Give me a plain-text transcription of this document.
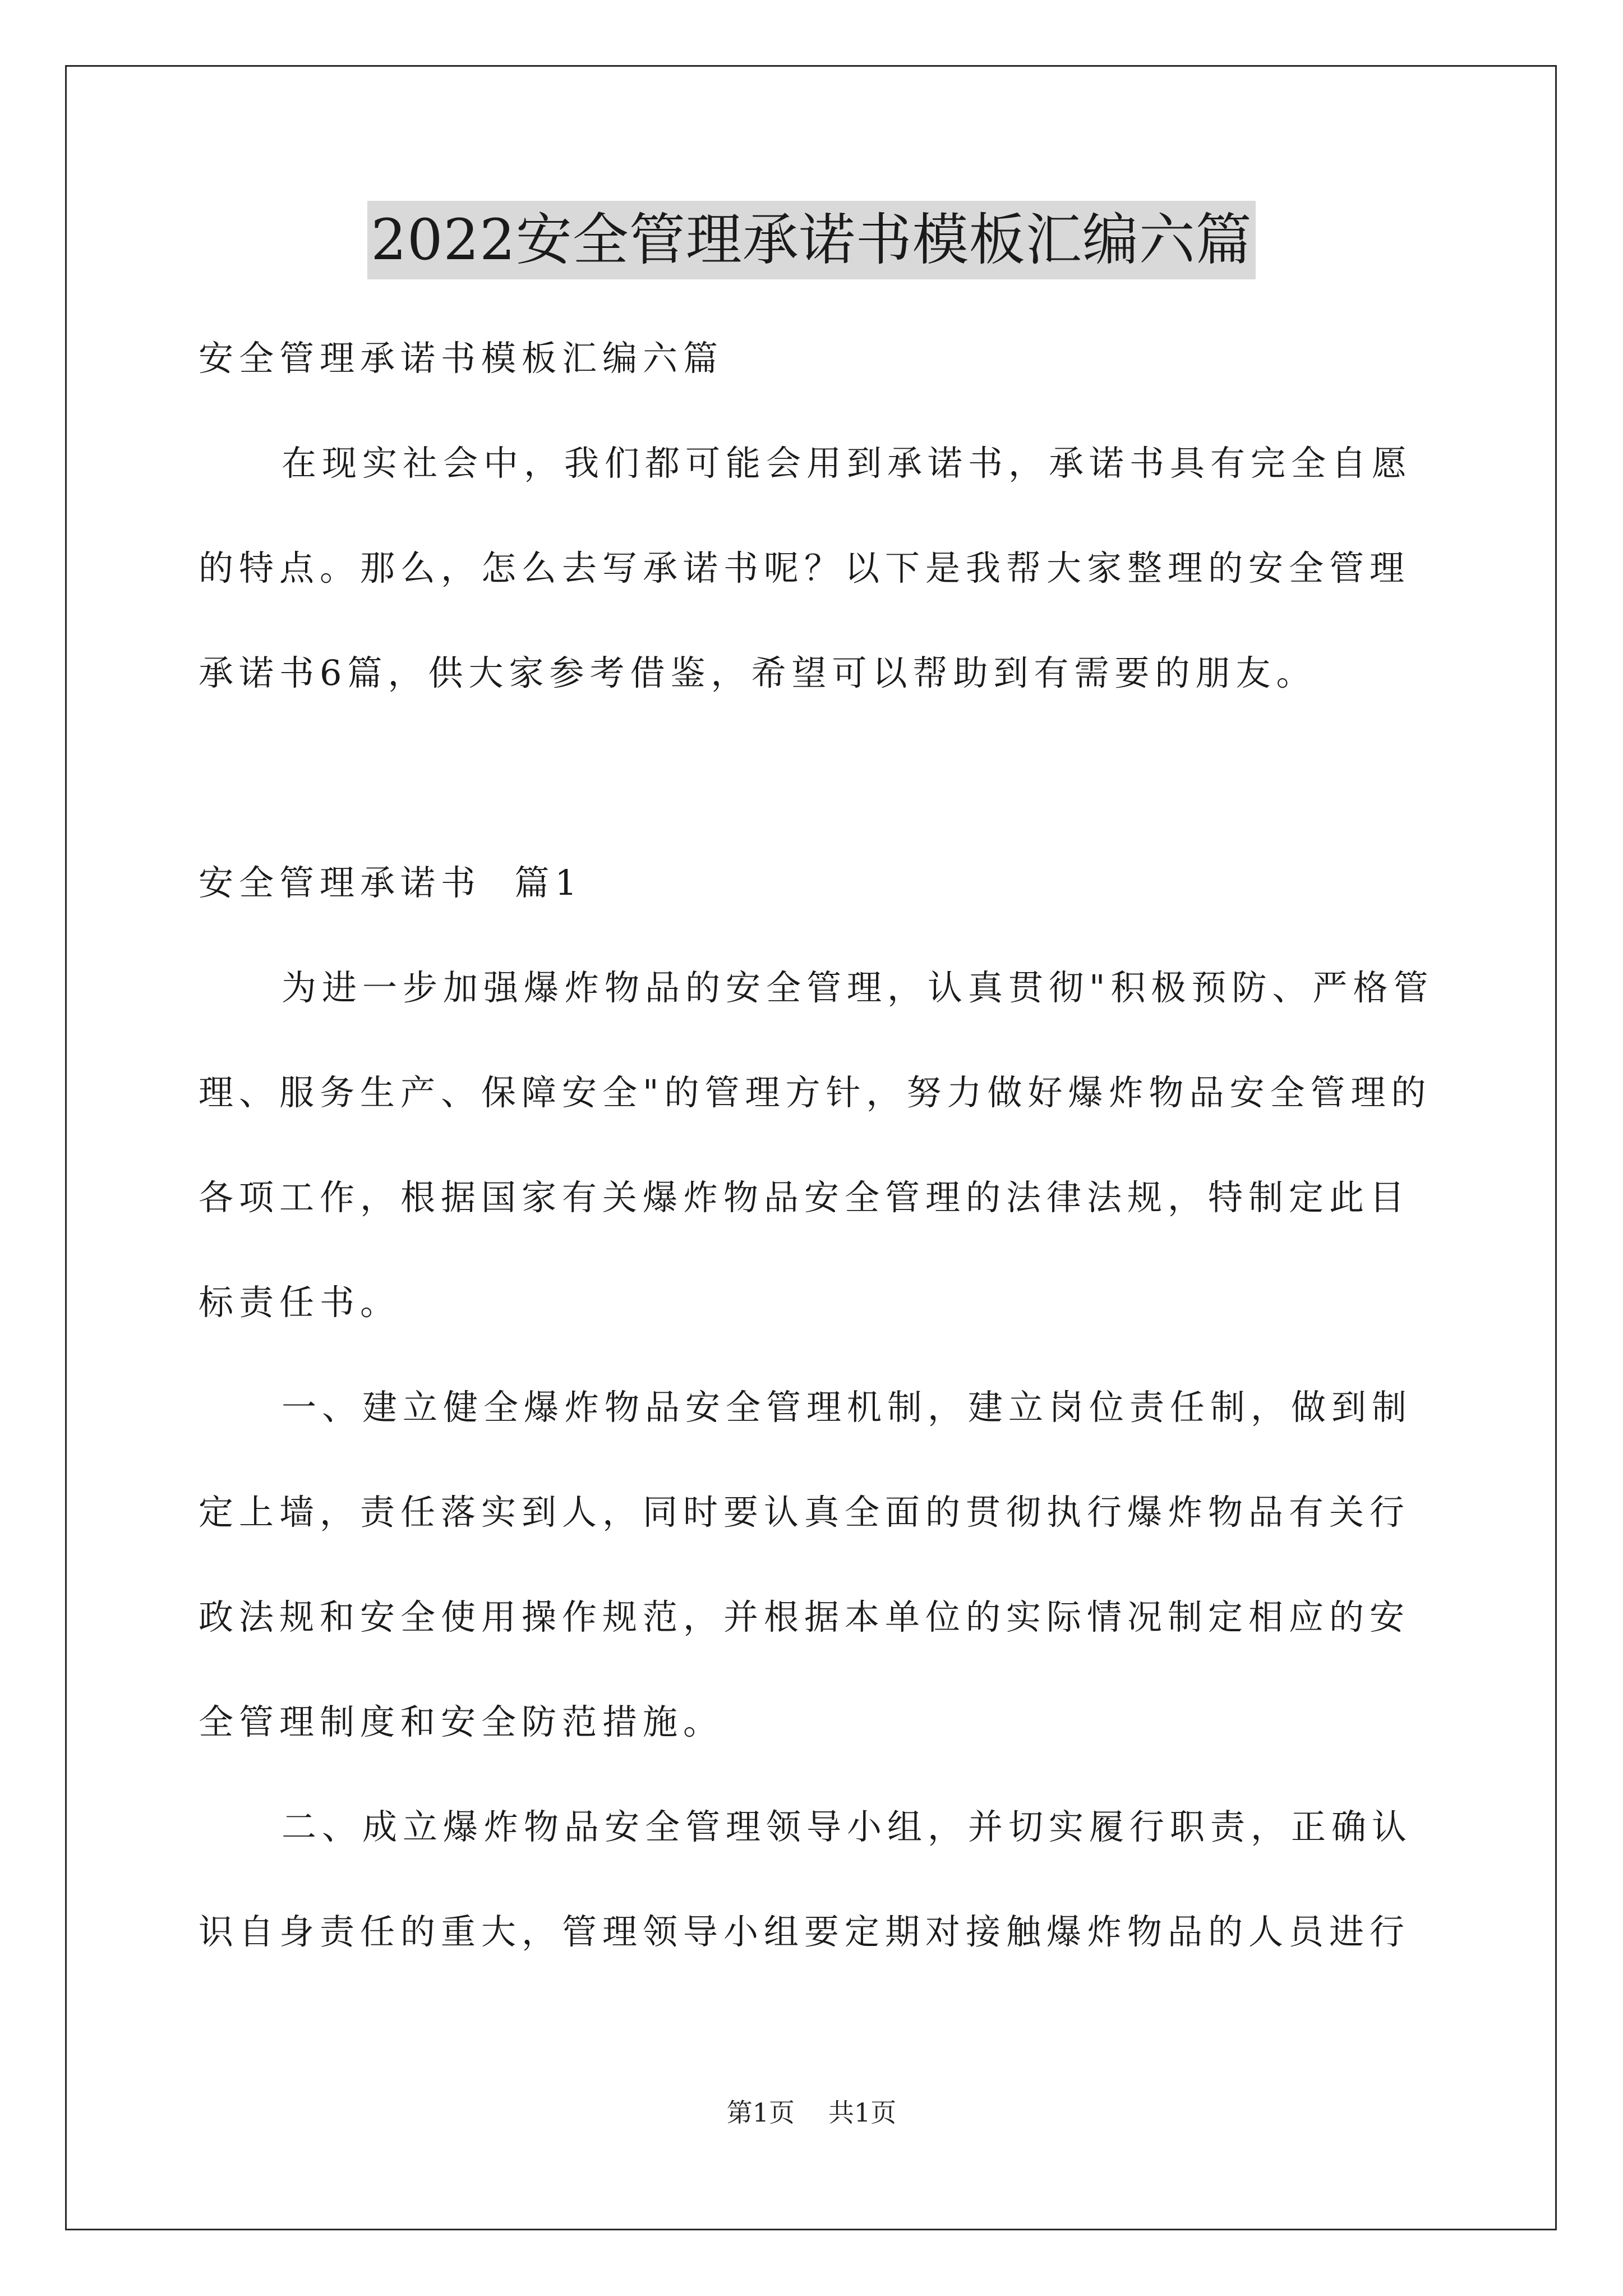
2022安全管理承诺书模板汇编六篇
安全管理承诺书模板汇编六篇
在现实社会中，我们都可能会用到承诺书，承诺书具有完全自愿
的特点。那么，怎么去写承诺书呢？以下是我帮大家整理的安全管理
承诺书6篇，供大家参考借鉴，希望可以帮助到有需要的朋友。
安全管理承诺书  篇1
为进一步加强爆炸物品的安全管理，认真贯彻"积极预防、严格管
理、服务生产、保障安全"的管理方针，努力做好爆炸物品安全管理的
各项工作，根据国家有关爆炸物品安全管理的法律法规，特制定此目
标责任书。
一、建立健全爆炸物品安全管理机制，建立岗位责任制，做到制
定上墙，责任落实到人，同时要认真全面的贯彻执行爆炸物品有关行
政法规和安全使用操作规范，并根据本单位的实际情况制定相应的安
全管理制度和安全防范措施。
二、成立爆炸物品安全管理领导小组，并切实履行职责，正确认
识自身责任的重大，管理领导小组要定期对接触爆炸物品的人员进行
第1页 共1页
